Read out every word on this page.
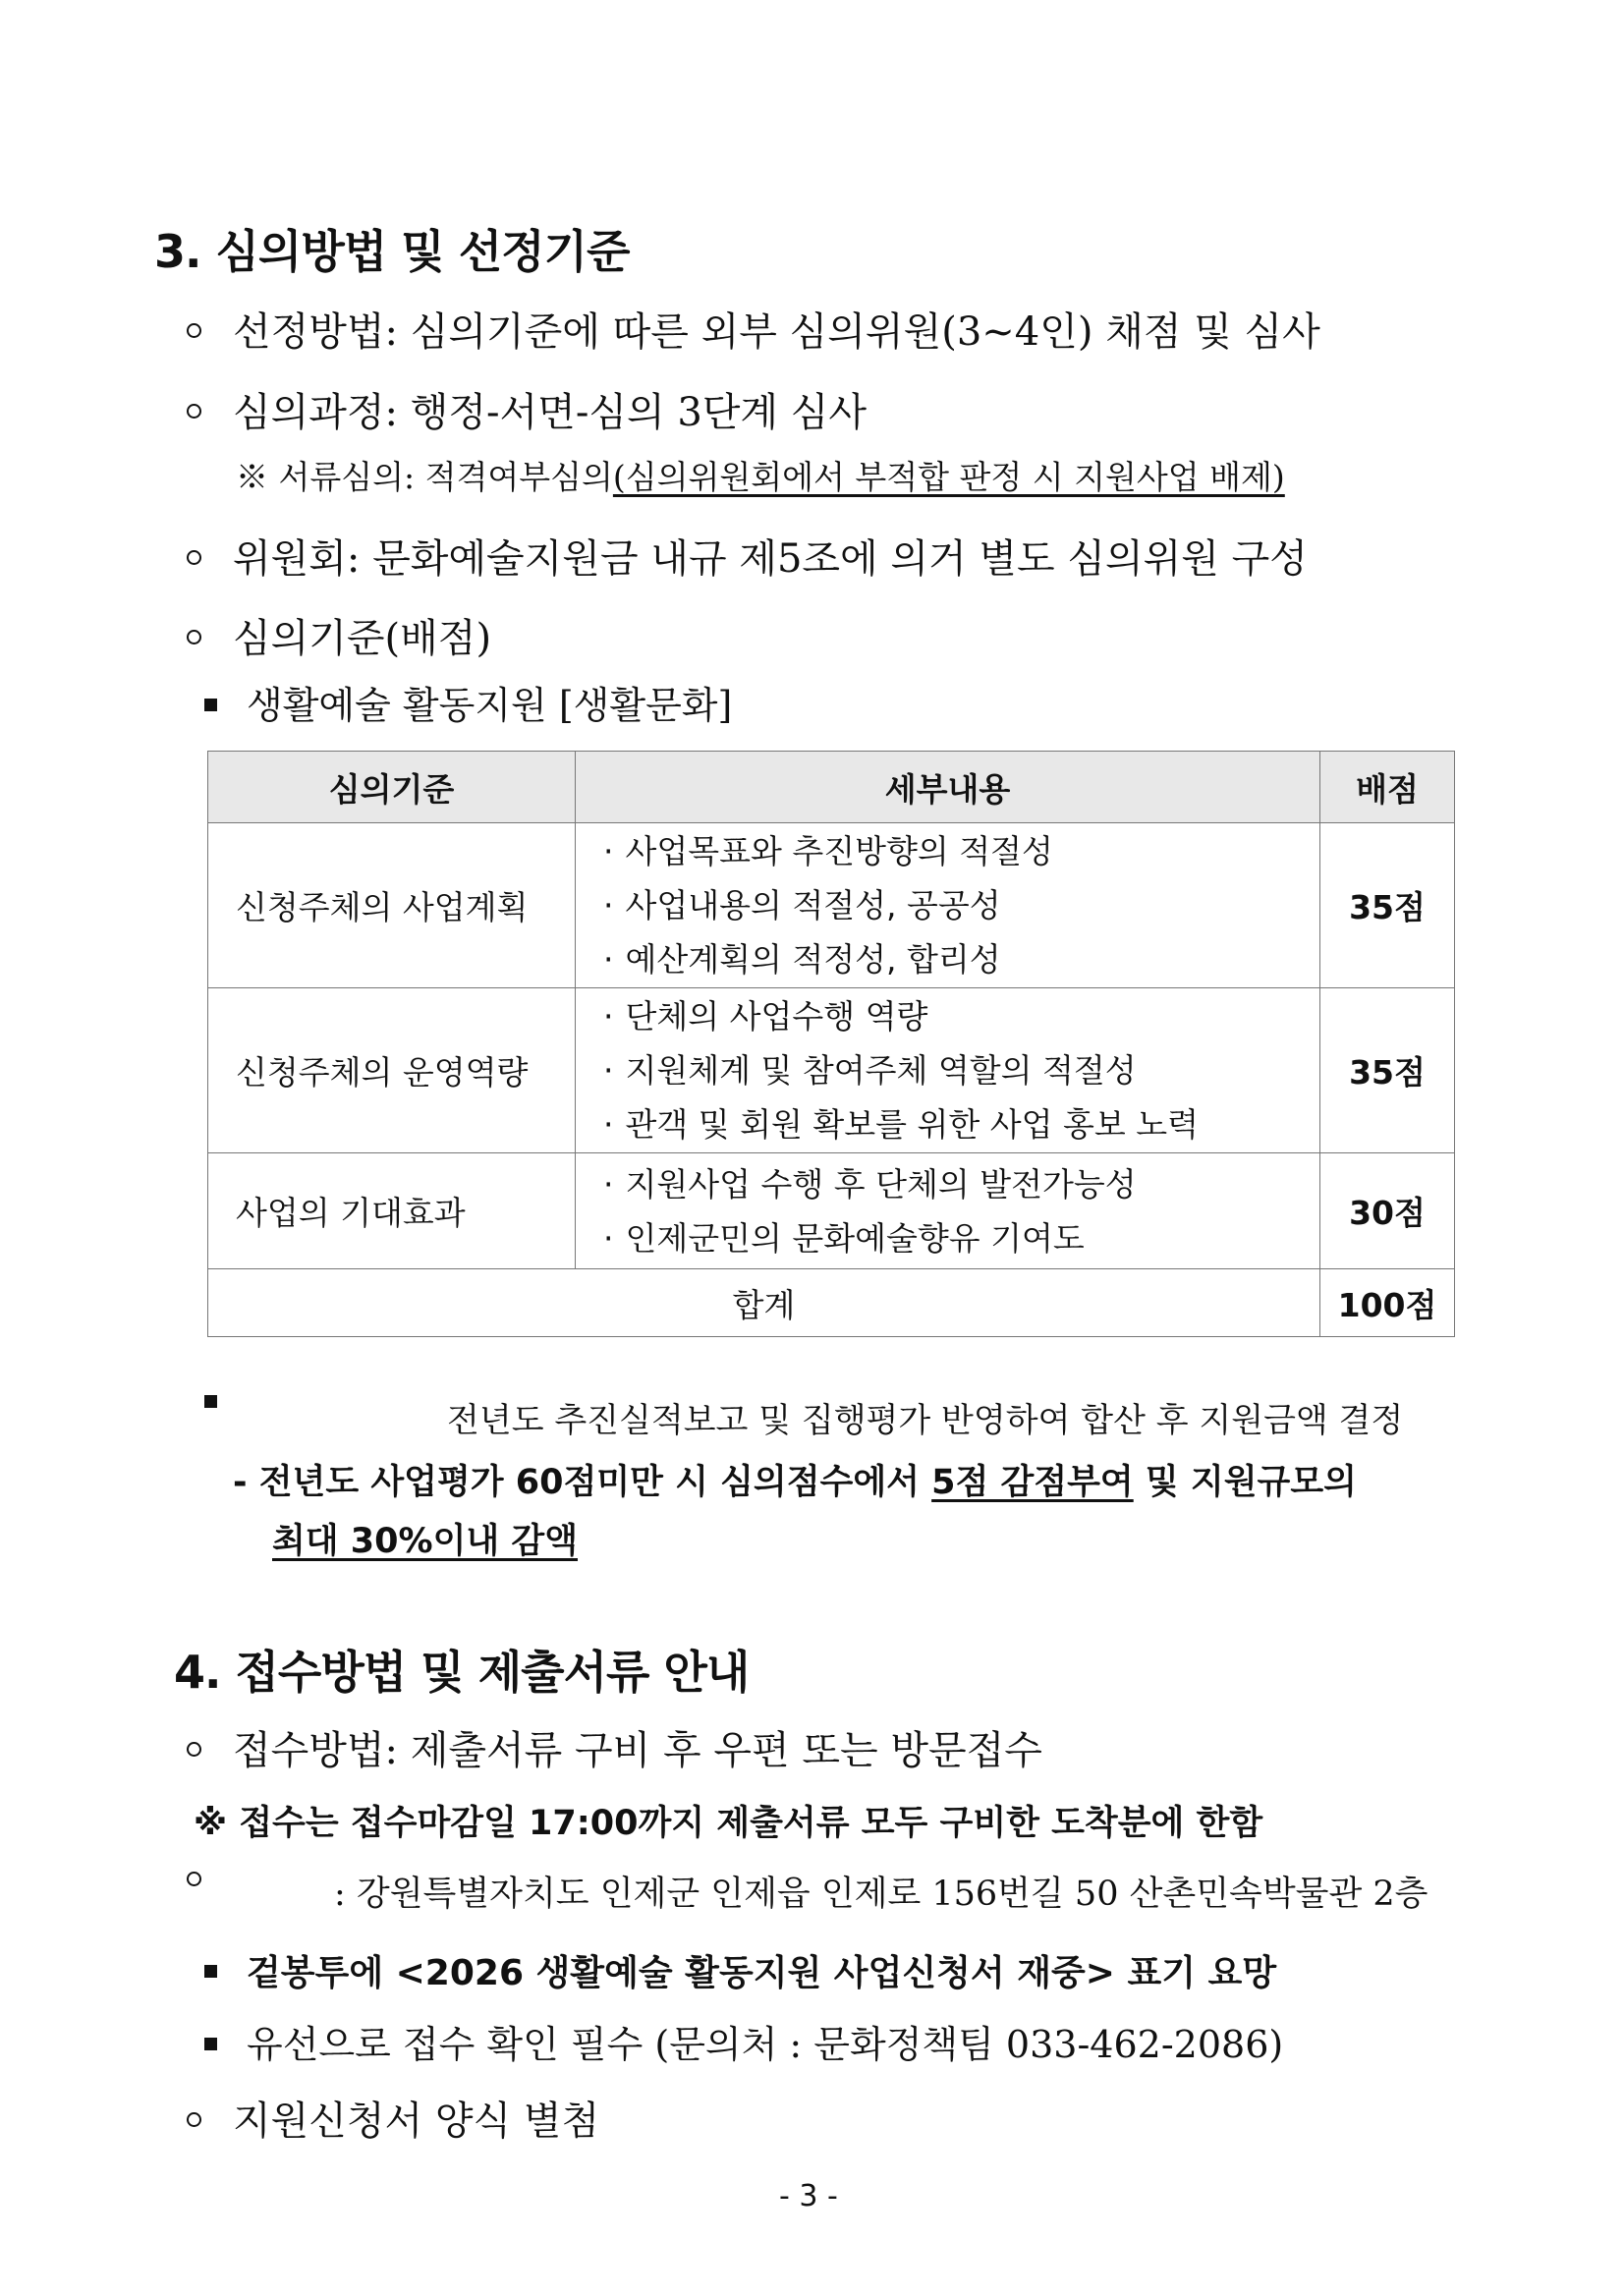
3. 심의방법 및 선정기준
선정방법: 심의기준에 따른 외부 심의위원(3~4인) 채점 및 심사
심의과정: 행정-서면-심의 3단계 심사
※ 서류심의: 적격여부심의(심의위원회에서 부적합 판정 시 지원사업 배제)
위원회: 문화예술지원금 내규 제5조에 의거 별도 심의위원 구성
심의기준(배점)
생활예술 활동지원 [생활문화]
심의기준	세부내용	배점
신청주체의 사업계획	· 사업목표와 추진방향의 적절성
· 사업내용의 적절성, 공공성
· 예산계획의 적정성, 합리성	35점
신청주체의 운영역량	· 단체의 사업수행 역량
· 지원체계 및 참여주체 역할의 적절성
· 관객 및 회원 확보를 위한 사업 홍보 노력	35점
사업의 기대효과	· 지원사업 수행 후 단체의 발전가능성
· 인제군민의 문화예술향유 기여도	30점
합계		100점
전년도 추진실적보고 및 집행평가 반영하여 합산 후 지원금액 결정
- 전년도 사업평가 60점미만 시 심의점수에서 5점 감점부여 및 지원규모의
최대 30%이내 감액
4. 접수방법 및 제출서류 안내
접수방법: 제출서류 구비 후 우편 또는 방문접수
※ 접수는 접수마감일 17:00까지 제출서류 모두 구비한 도착분에 한함
: 강원특별자치도 인제군 인제읍 인제로 156번길 50 산촌민속박물관 2층
겉봉투에 <2026 생활예술 활동지원 사업신청서 재중> 표기 요망
유선으로 접수 확인 필수 (문의처 : 문화정책팀 033-462-2086)
지원신청서 양식 별첨
- 3 -
